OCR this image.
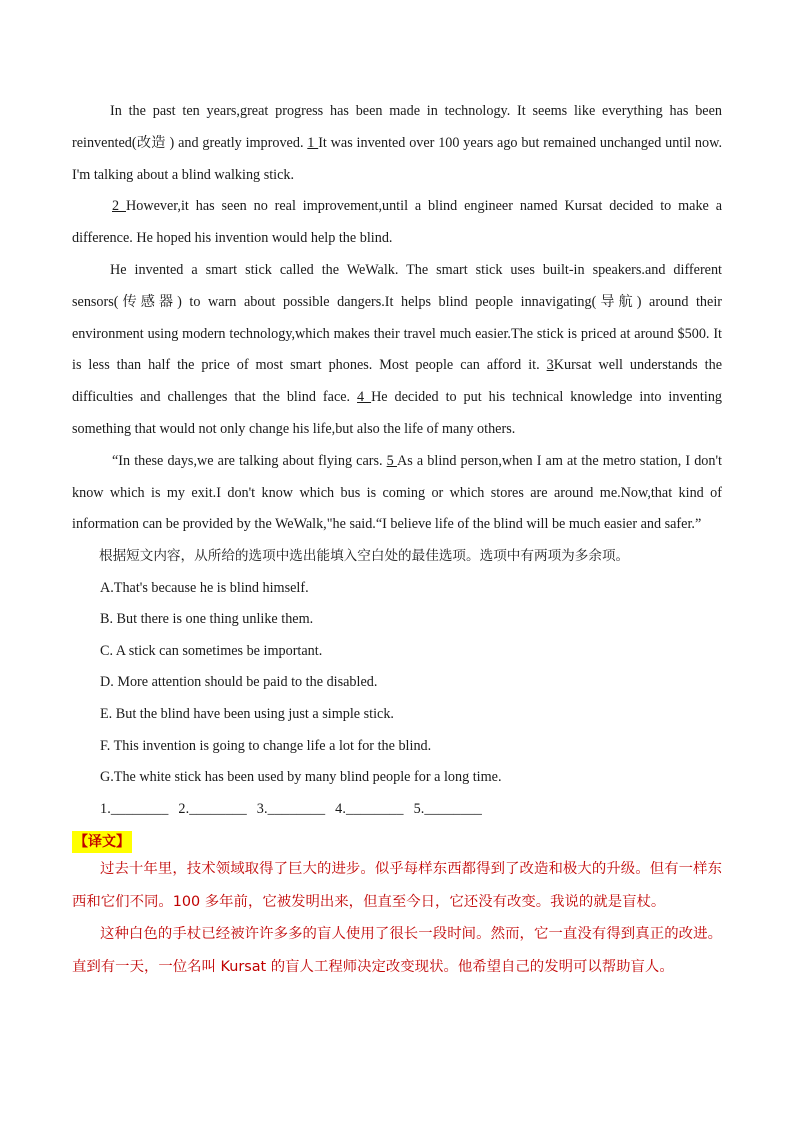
In the past ten years,great progress has been made in technology. It seems like everything has been reinvented(改造 ) and greatly improved. 1 It was invented over 100 years ago but remained unchanged until now. I'm talking about a blind walking stick.

2 However,it has seen no real improvement,until a blind engineer named Kursat decided to make a difference. He hoped his invention would help the blind.

He invented a smart stick called the WeWalk. The smart stick uses built-in speakers.and different sensors(传感器) to warn about possible dangers.It helps blind people innavigating(导航) around their environment using modern technology,which makes their travel much easier.The stick is priced at around $500. It is less than half the price of most smart phones. Most people can afford it. 3Kursat well understands the difficulties and challenges that the blind face. 4 He decided to put his technical knowledge into inventing something that would not only change his life,but also the life of many others.

“In these days,we are talking about flying cars. 5 As a blind person,when I am at the metro station, I don't know which is my exit.I don't know which bus is coming or which stores are around me.Now,that kind of information can be provided by the WeWalk,"he said.“I believe life of the blind will be much easier and safer.”

根据短文内容，从所给的选项中选出能填入空白处的最佳选项。选项中有两项为多余项。

A.That's because he is blind himself.

B. But there is one thing unlike them.

C. A stick can sometimes be important.

D. More attention should be paid to the disabled.

E. But the blind have been using just a simple stick.

F. This invention is going to change life a lot for the blind.

G.The white stick has been used by many blind people for a long time.

1.________ 2.________ 3.________ 4.________ 5.________

【译文】

过去十年里，技术领域取得了巨大的进步。似乎每样东西都得到了改造和极大的升级。但有一样东西和它们不同。100 多年前，它被发明出来，但直至今日，它还没有改变。我说的就是盲杖。

这种白色的手杖已经被许许多多的盲人使用了很长一段时间。然而，它一直没有得到真正的改进。直到有一天，一位名叫 Kursat 的盲人工程师决定改变现状。他希望自己的发明可以帮助盲人。
